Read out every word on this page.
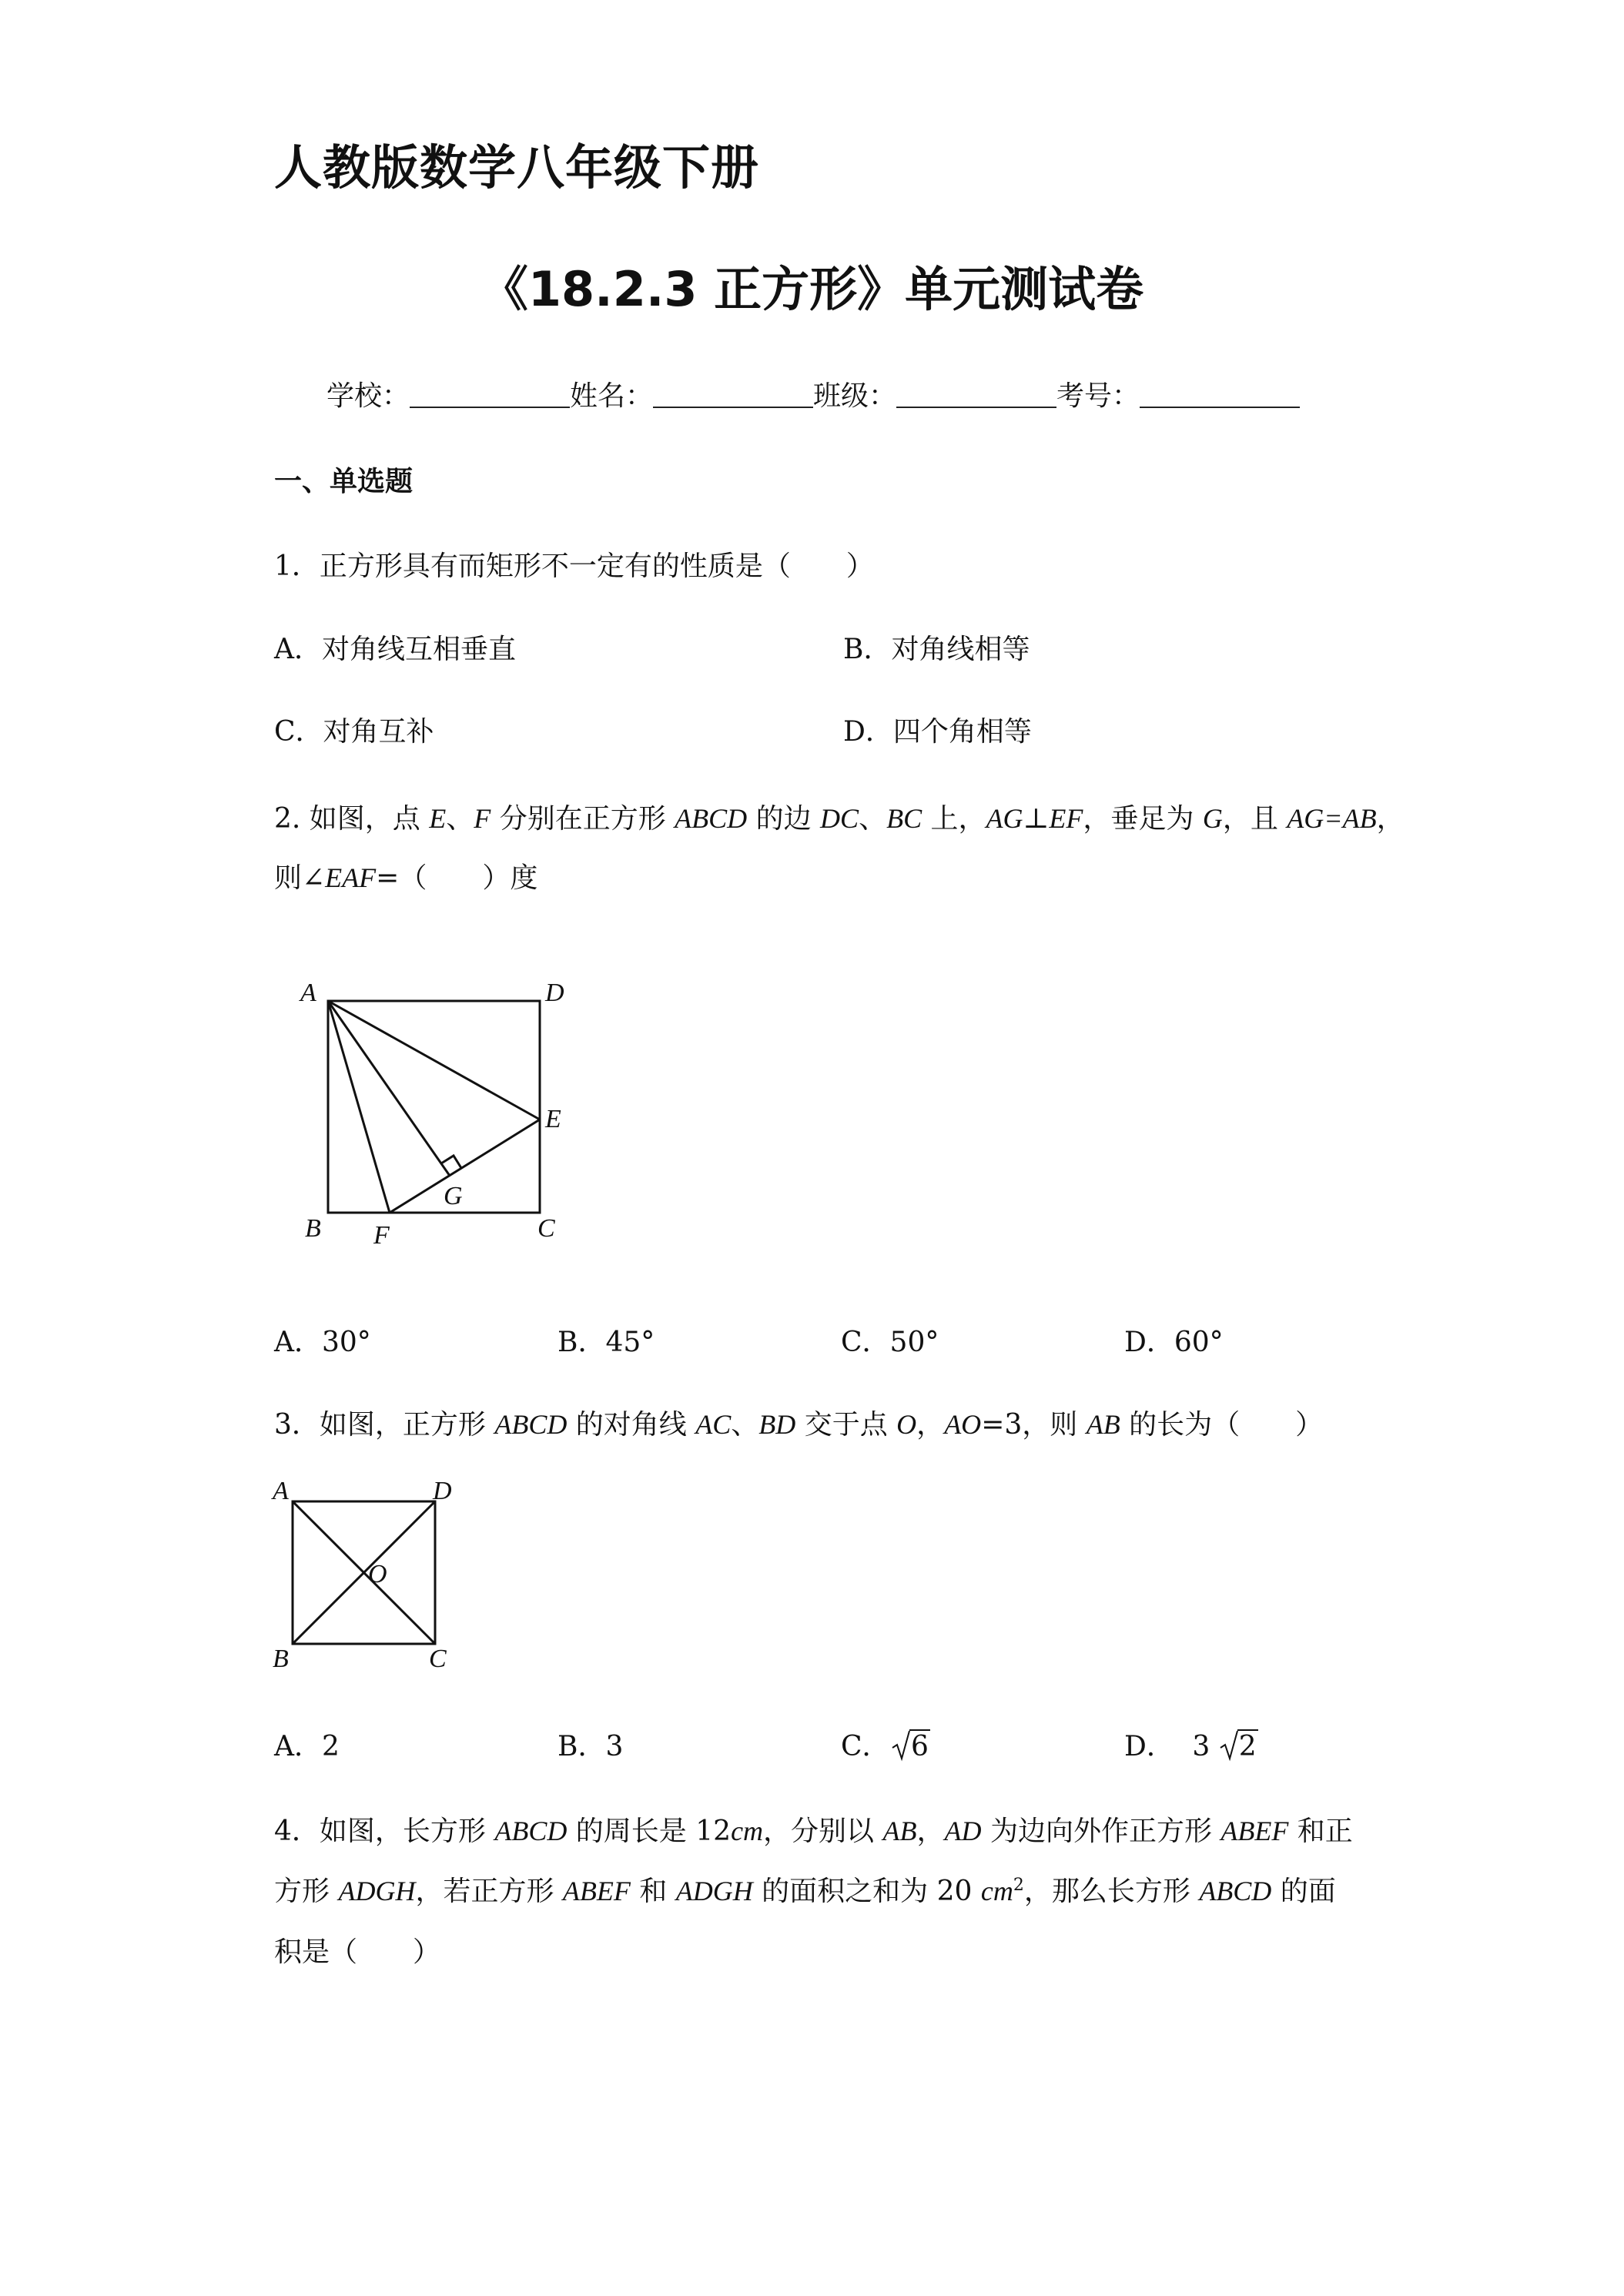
人教版数学八年级下册
《18.2.3 正方形》单元测试卷
学校：	姓名：	班级：	考号：
一、单选题
1．正方形具有而矩形不一定有的性质是（　　）
A．对角线互相垂直	B．对角线相等
C．对角互补	D．四个角相等
2. 如图，点 E、F 分别在正方形 ABCD 的边 DC、BC 上，AG⊥EF，垂足为 G，且 AG=AB，
则∠EAF=（　　）度
A	D
E
B F
G
C
A．30°	B．45°	C．50°	D．60°
3．如图，正方形 ABCD 的对角线 AC、BD 交于点 O，AO=3，则 AB 的长为（　　）
A	D
O
B	C
A．2	B．3	C． 6	D． 3 2
4．如图，长方形 ABCD 的周长是 12cm，分别以 AB，AD 为边向外作正方形 ABEF 和正
方形 ADGH，若正方形 ABEF 和 ADGH 的面积之和为 20 $cm^2$，那么长方形 ABCD 的面
积是（　　）
